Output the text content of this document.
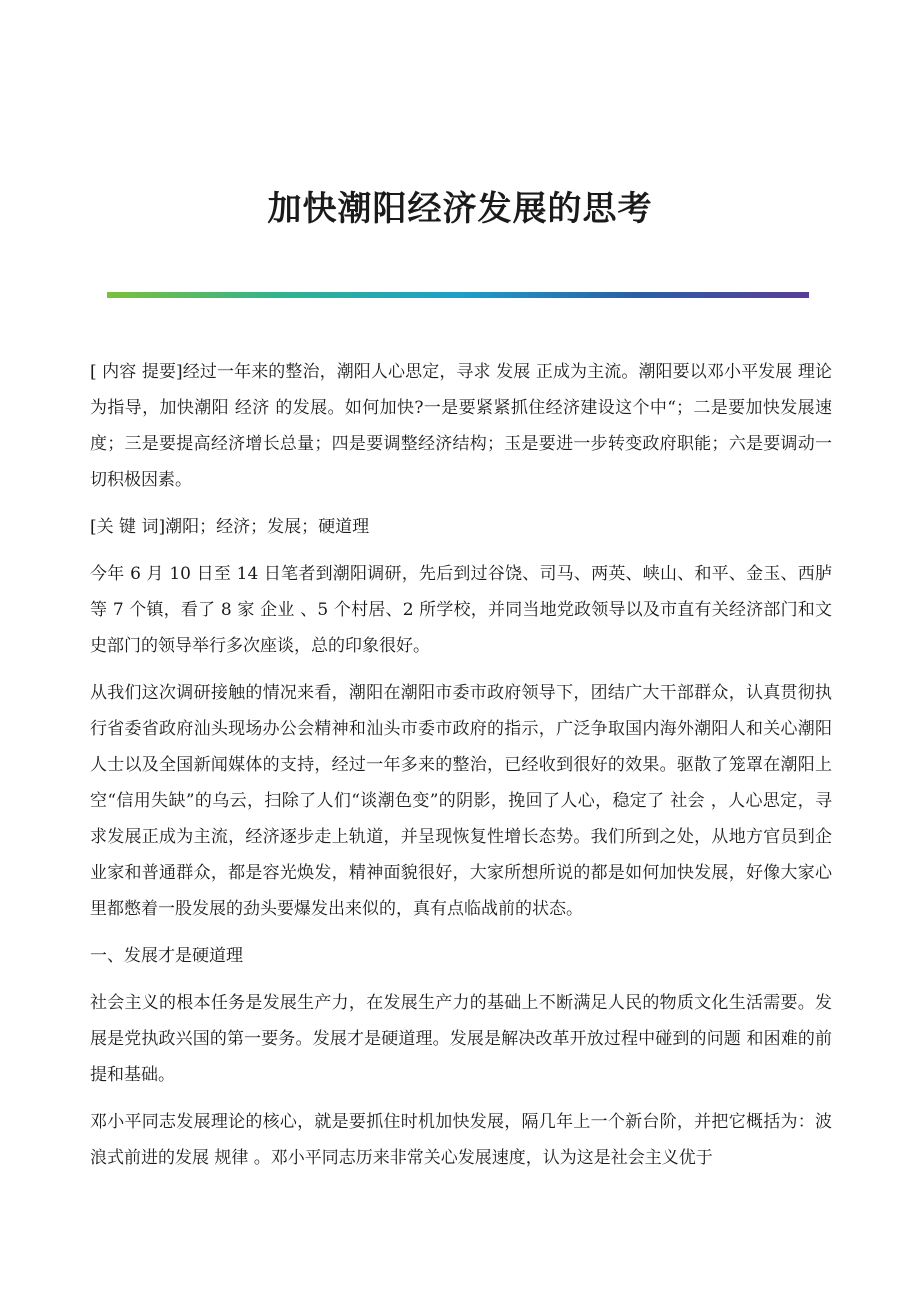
加快潮阳经济发展的思考

[ 内容 提要]经过一年来的整治，潮阳人心思定，寻求 发展 正成为主流。潮阳要以邓小平发展 理论 为指导，加快潮阳 经济 的发展。如何加快?一是要紧紧抓住经济建设这个中“；二是要加快发展速度；三是要提高经济增长总量；四是要调整经济结构；玉是要进一步转变政府职能；六是要调动一切积极因素。

[关 键 词]潮阳；经济；发展；硬道理

今年 6 月 10 日至 14 日笔者到潮阳调研，先后到过谷饶、司马、两英、峡山、和平、金玉、西胪等 7 个镇，看了 8 家 企业 、5 个村居、2 所学校，并同当地党政领导以及市直有关经济部门和文史部门的领导举行多次座谈，总的印象很好。

从我们这次调研接触的情况来看，潮阳在潮阳市委市政府领导下，团结广大干部群众，认真贯彻执行省委省政府汕头现场办公会精神和汕头市委市政府的指示，广泛争取国内海外潮阳人和关心潮阳人士以及全国新闻媒体的支持，经过一年多来的整治，已经收到很好的效果。驱散了笼罩在潮阳上空“信用失缺”的乌云，扫除了人们“谈潮色变”的阴影，挽回了人心，稳定了 社会 ，人心思定，寻求发展正成为主流，经济逐步走上轨道，并呈现恢复性增长态势。我们所到之处，从地方官员到企业家和普通群众，都是容光焕发，精神面貌很好，大家所想所说的都是如何加快发展，好像大家心里都憋着一股发展的劲头要爆发出来似的，真有点临战前的状态。

一、发展才是硬道理

社会主义的根本任务是发展生产力，在发展生产力的基础上不断满足人民的物质文化生活需要。发展是党执政兴国的第一要务。发展才是硬道理。发展是解决改革开放过程中碰到的问题 和困难的前提和基础。

邓小平同志发展理论的核心，就是要抓住时机加快发展，隔几年上一个新台阶，并把它概括为：波浪式前进的发展 规律 。邓小平同志历来非常关心发展速度，认为这是社会主义优于
